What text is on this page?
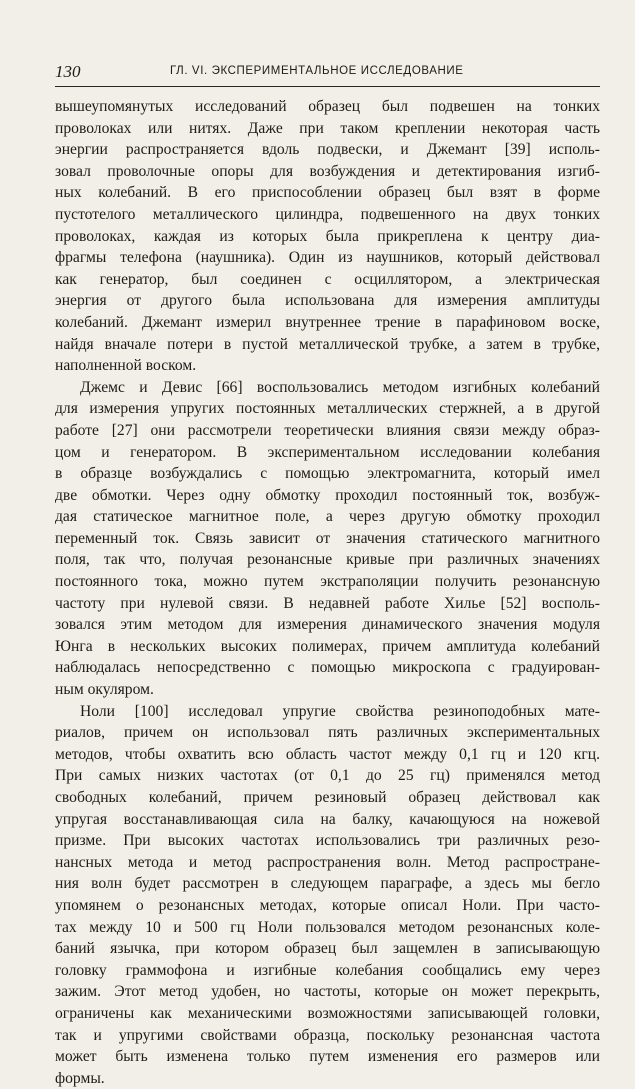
130	ГЛ. VI. ЭКСПЕРИМЕНТАЛЬНОЕ ИССЛЕДОВАНИЕ
вышеупомянутых исследований образец был подвешен на тонких
проволоках или нитях. Даже при таком креплении некоторая часть
энергии распространяется вдоль подвески, и Джемант [39] исполь-
зовал проволочные опоры для возбуждения и детектирования изгиб-
ных колебаний. В его приспособлении образец был взят в форме
пустотелого металлического цилиндра, подвешенного на двух тонких
проволоках, каждая из которых была прикреплена к центру диа-
фрагмы телефона (наушника). Один из наушников, который действовал
как генератор, был соединен с осциллятором, а электрическая
энергия от другого была использована для измерения амплитуды
колебаний. Джемант измерил внутреннее трение в парафиновом воске,
найдя вначале потери в пустой металлической трубке, а затем в трубке,
наполненной воском.
Джемс и Девис [66] воспользовались методом изгибных колебаний
для измерения упругих постоянных металлических стержней, а в другой
работе [27] они рассмотрели теоретически влияния связи между образ-
цом и генератором. В экспериментальном исследовании колебания
в образце возбуждались с помощью электромагнита, который имел
две обмотки. Через одну обмотку проходил постоянный ток, возбуж-
дая статическое магнитное поле, а через другую обмотку проходил
переменный ток. Связь зависит от значения статического магнитного
поля, так что, получая резонансные кривые при различных значениях
постоянного тока, можно путем экстраполяции получить резонансную
частоту при нулевой связи. В недавней работе Хилье [52] восполь-
зовался этим методом для измерения динамического значения модуля
Юнга в нескольких высоких полимерах, причем амплитуда колебаний
наблюдалась непосредственно с помощью микроскопа с градуирован-
ным окуляром.
Ноли [100] исследовал упругие свойства резиноподобных мате-
риалов, причем он использовал пять различных экспериментальных
методов, чтобы охватить всю область частот между 0,1 гц и 120 кгц.
При самых низких частотах (от 0,1 до 25 гц) применялся метод
свободных колебаний, причем резиновый образец действовал как
упругая восстанавливающая сила на балку, качающуюся на ножевой
призме. При высоких частотах использовались три различных резо-
нансных метода и метод распространения волн. Метод распростране-
ния волн будет рассмотрен в следующем параграфе, а здесь мы бегло
упомянем о резонансных методах, которые описал Ноли. При часто-
тах между 10 и 500 гц Ноли пользовался методом резонансных коле-
баний язычка, при котором образец был защемлен в записывающую
головку граммофона и изгибные колебания сообщались ему через
зажим. Этот метод удобен, но частоты, которые он может перекрыть,
ограничены как механическими возможностями записывающей головки,
так и упругими свойствами образца, поскольку резонансная частота
может быть изменена только путем изменения его размеров или
формы.
